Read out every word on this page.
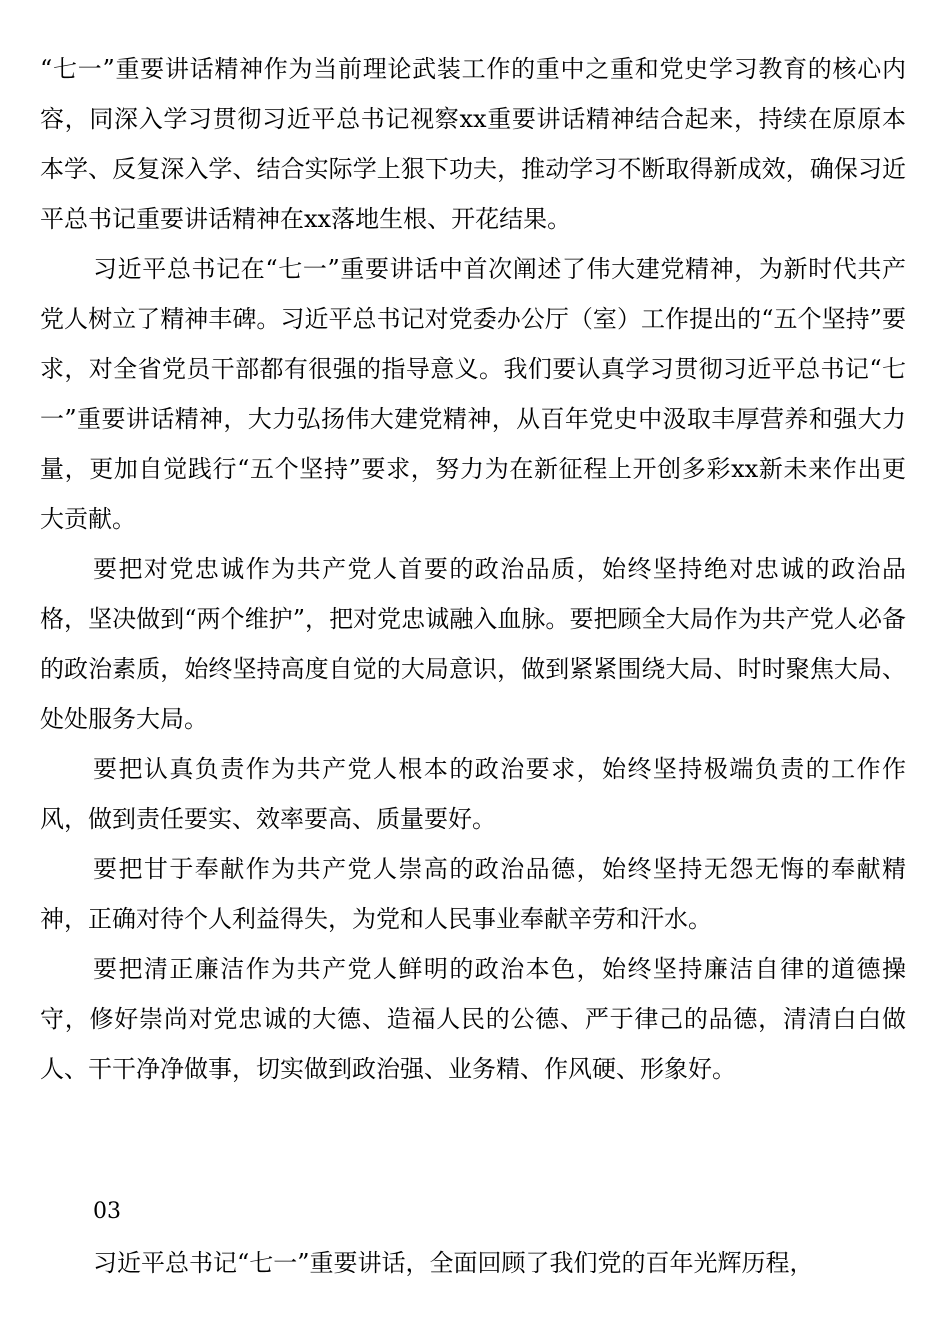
“七一”重要讲话精神作为当前理论武装工作的重中之重和党史学习教育的核心内容，同深入学习贯彻习近平总书记视察xx重要讲话精神结合起来，持续在原原本本学、反复深入学、结合实际学上狠下功夫，推动学习不断取得新成效，确保习近平总书记重要讲话精神在xx落地生根、开花结果。

习近平总书记在“七一”重要讲话中首次阐述了伟大建党精神，为新时代共产党人树立了精神丰碑。习近平总书记对党委办公厅（室）工作提出的“五个坚持”要求，对全省党员干部都有很强的指导意义。我们要认真学习贯彻习近平总书记“七一”重要讲话精神，大力弘扬伟大建党精神，从百年党史中汲取丰厚营养和强大力量，更加自觉践行“五个坚持”要求，努力为在新征程上开创多彩xx新未来作出更大贡献。

要把对党忠诚作为共产党人首要的政治品质，始终坚持绝对忠诚的政治品格，坚决做到“两个维护”，把对党忠诚融入血脉。要把顾全大局作为共产党人必备的政治素质，始终坚持高度自觉的大局意识，做到紧紧围绕大局、时时聚焦大局、处处服务大局。

要把认真负责作为共产党人根本的政治要求，始终坚持极端负责的工作作风，做到责任要实、效率要高、质量要好。

要把甘于奉献作为共产党人崇高的政治品德，始终坚持无怨无悔的奉献精神，正确对待个人利益得失，为党和人民事业奉献辛劳和汗水。

要把清正廉洁作为共产党人鲜明的政治本色，始终坚持廉洁自律的道德操守，修好崇尚对党忠诚的大德、造福人民的公德、严于律己的品德，清清白白做人、干干净净做事，切实做到政治强、业务精、作风硬、形象好。

03

习近平总书记“七一”重要讲话，全面回顾了我们党的百年光辉历程，
